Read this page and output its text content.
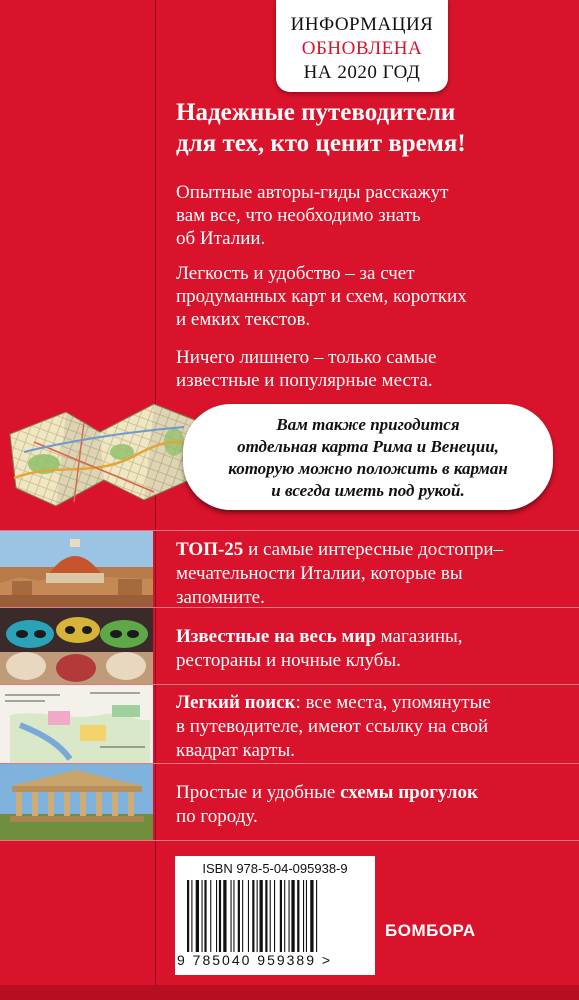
ИНФОРМАЦИЯ
ОБНОВЛЕНА
НА 2020 ГОД
Надежные путеводители
для тех, кто ценит время!
Опытные авторы-гиды расскажут
вам все, что необходимо знать
об Италии.
Легкость и удобство – за счет
продуманных карт и схем, коротких
и емких текстов.
Ничего лишнего – только самые
известные и популярные места.
Вам также пригодится
отдельная карта Рима и Венеции,
которую можно положить в карман
и всегда иметь под рукой.
ТОП-25 и самые интересные достопри–
мечательности Италии, которые вы
запомните.
Известные на весь мир магазины,
рестораны и ночные клубы.
Легкий поиск: все места, упомянутые
в путеводителе, имеют ссылку на свой
квадрат карты.
Простые и удобные схемы прогулок
по городу.
ISBN 978-5-04-095938-9
9 785040 959389 >
БОМБОРА
